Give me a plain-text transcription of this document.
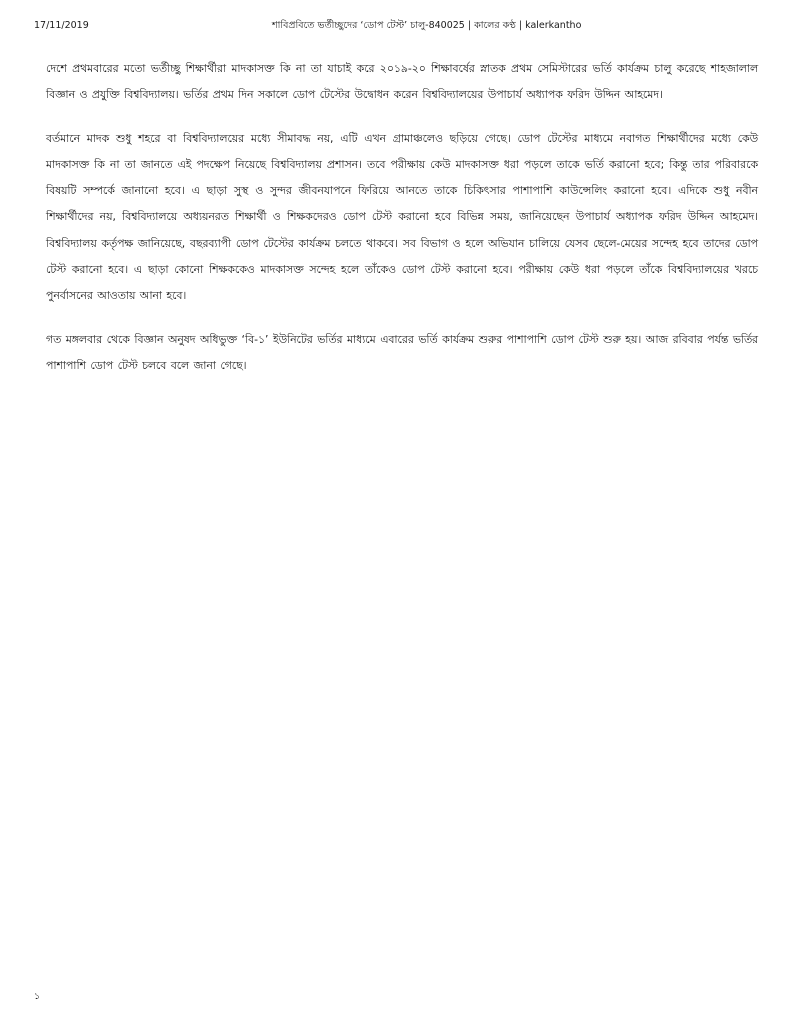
17/11/2019	শাবিপ্রবিতে ভর্তীচ্ছুদের ‘ডোপ টেস্ট’ চালু-840025 | কালের কণ্ঠ | kalerkantho

দেশে প্রথমবারের মতো ভর্তীচ্ছু শিক্ষার্থীরা মাদকাসক্ত কি না তা যাচাই করে ২০১৯-২০ শিক্ষাবর্ষের স্নাতক প্রথম সেমিস্টারের ভর্তি কার্যক্রম চালু করেছে শাহজালাল বিজ্ঞান ও প্রযুক্তি বিশ্ববিদ্যালয়। ভর্তির প্রথম দিন সকালে ডোপ টেস্টের উদ্বোধন করেন বিশ্ববিদ্যালয়ের উপাচার্য অধ্যাপক ফরিদ উদ্দিন আহমেদ।

বর্তমানে মাদক শুধু শহরে বা বিশ্ববিদ্যালয়ের মধ্যে সীমাবদ্ধ নয়, এটি এখন গ্রামাঞ্চলেও ছড়িয়ে গেছে। ডোপ টেস্টের মাধ্যমে নবাগত শিক্ষার্থীদের মধ্যে কেউ মাদকাসক্ত কি না তা জানতে এই পদক্ষেপ নিয়েছে বিশ্ববিদ্যালয় প্রশাসন। তবে পরীক্ষায় কেউ মাদকাসক্ত ধরা পড়লে তাকে ভর্তি করানো হবে; কিন্তু তার পরিবারকে বিষয়টি সম্পর্কে জানানো হবে। এ ছাড়া সুস্থ ও সুন্দর জীবনযাপনে ফিরিয়ে আনতে তাকে চিকিৎসার পাশাপাশি কাউন্সেলিং করানো হবে। এদিকে শুধু নবীন শিক্ষার্থীদের নয়, বিশ্ববিদ্যালয়ে অধ্যয়নরত শিক্ষার্থী ও শিক্ষকদেরও ডোপ টেস্ট করানো হবে বিভিন্ন সময়, জানিয়েছেন উপাচার্য অধ্যাপক ফরিদ উদ্দিন আহমেদ। বিশ্ববিদ্যালয় কর্তৃপক্ষ জানিয়েছে, বছরব্যাপী ডোপ টেস্টের কার্যক্রম চলতে থাকবে। সব বিভাগ ও হলে অভিযান চালিয়ে যেসব ছেলে-মেয়ের সন্দেহ হবে তাদের ডোপ টেস্ট করানো হবে। এ ছাড়া কোনো শিক্ষককেও মাদকাসক্ত সন্দেহ হলে তাঁকেও ডোপ টেস্ট করানো হবে। পরীক্ষায় কেউ ধরা পড়লে তাঁকে বিশ্ববিদ্যালয়ের খরচে পুনর্বাসনের আওতায় আনা হবে।

গত মঙ্গলবার থেকে বিজ্ঞান অনুষদ অধিভুক্ত ‘বি-১’ ইউনিটের ভর্তির মাধ্যমে এবারের ভর্তি কার্যক্রম শুরুর পাশাপাশি ডোপ টেস্ট শুরু হয়। আজ রবিবার পর্যন্ত ভর্তির পাশাপাশি ডোপ টেস্ট চলবে বলে জানা গেছে।

১
